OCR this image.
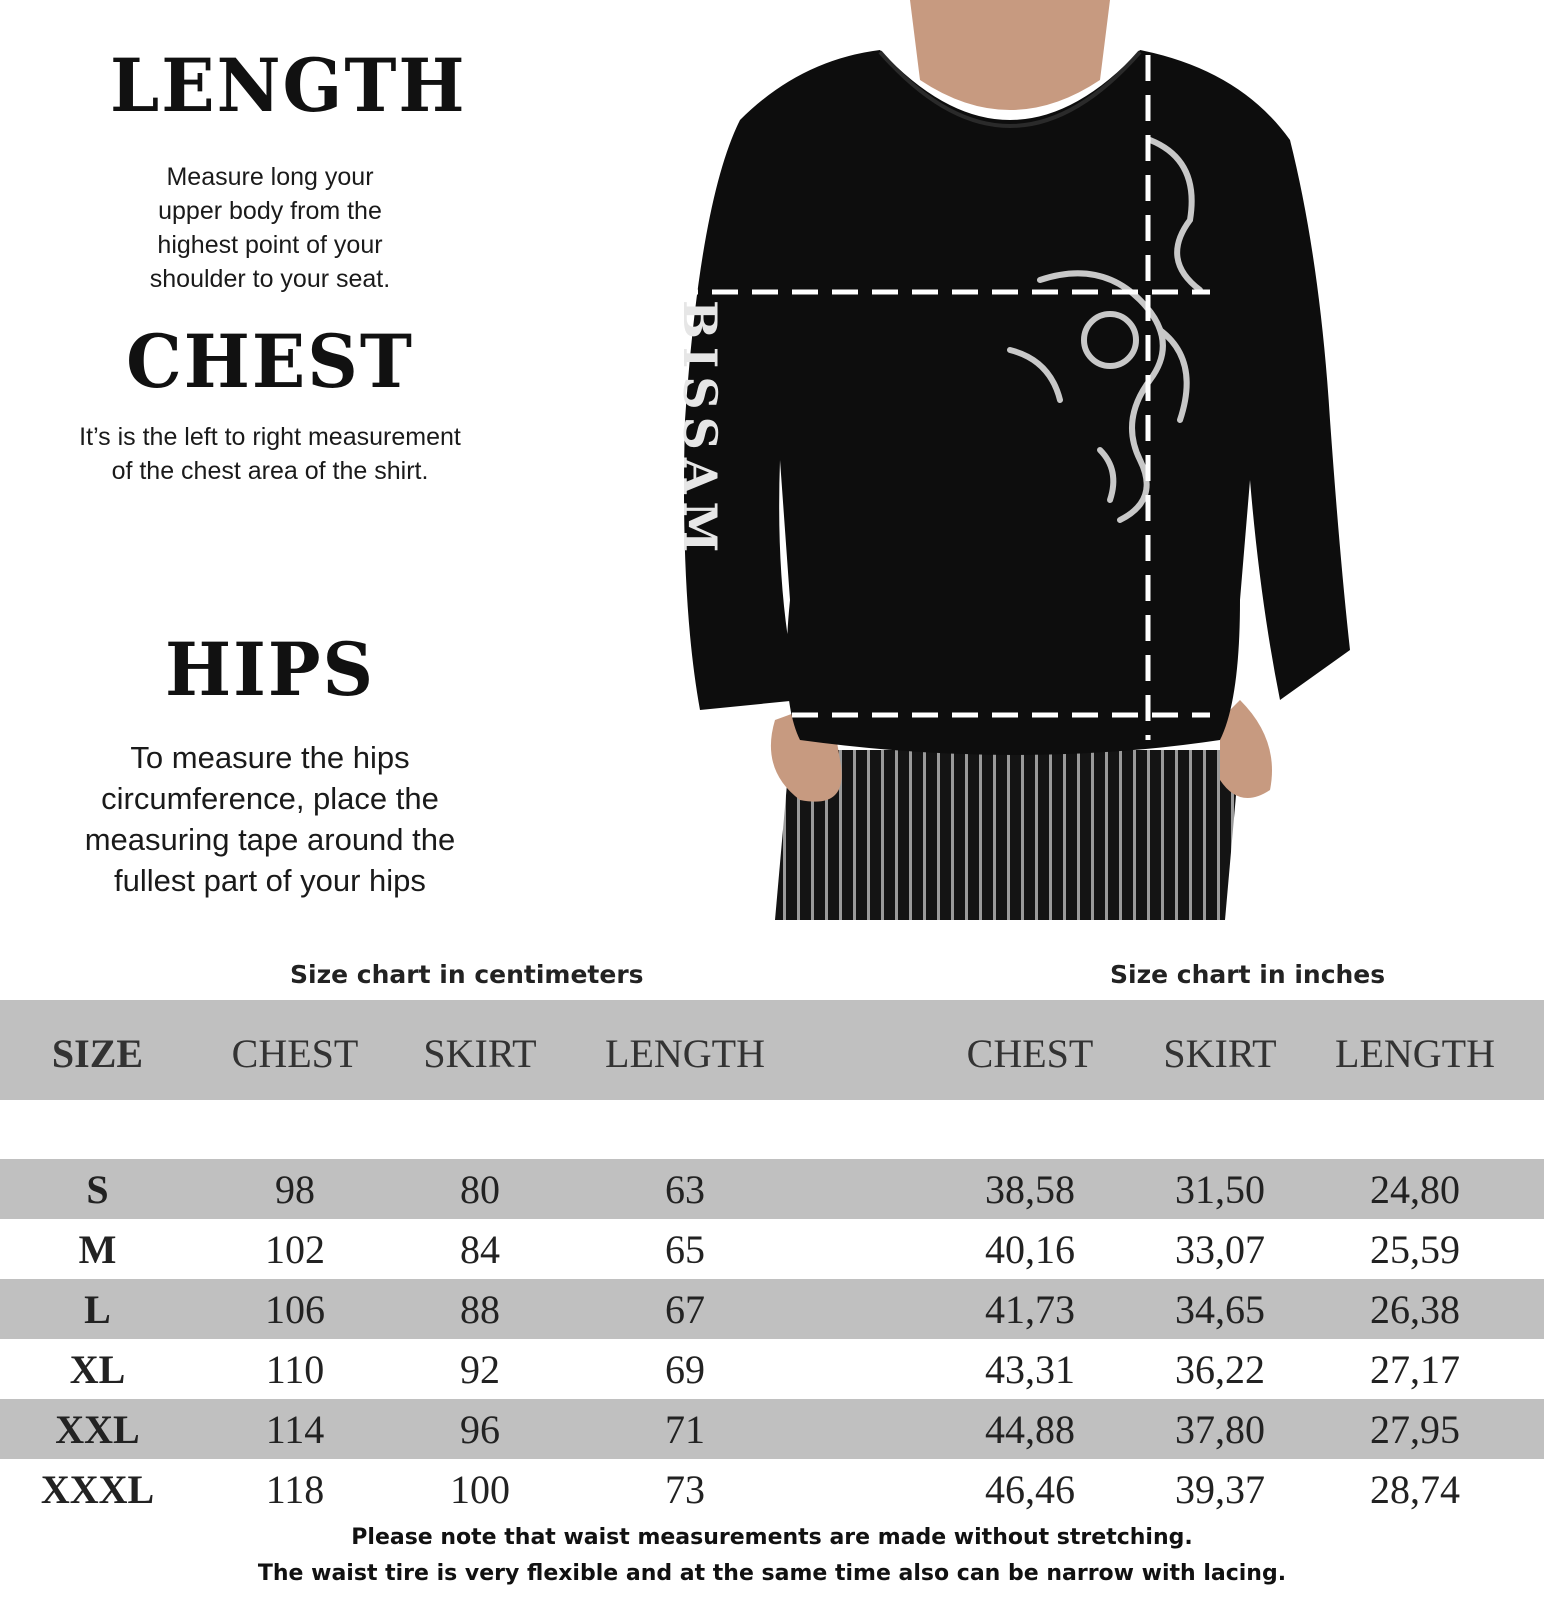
LENGTH
Measure long your
upper body from the
highest point of your
shoulder to your seat.
CHEST
It’s is the left to right measurement
of the chest area of the shirt.
HIPS
To measure the hips
circumference, place the
measuring tape around the
fullest part of your hips
BISSAM
Size chart in centimeters	Size chart in inches
SIZE	CHEST	SKIRT	LENGTH	CHEST	SKIRT	LENGTH
S	98	80	63	38,58	31,50	24,80
M	102	84	65	40,16	33,07	25,59
L	106	88	67	41,73	34,65	26,38
XL	110	92	69	43,31	36,22	27,17
XXL	114	96	71	44,88	37,80	27,95
XXXL	118	100	73	46,46	39,37	28,74
Please note that waist measurements are made without stretching.
The waist tire is very flexible and at the same time also can be narrow with lacing.
